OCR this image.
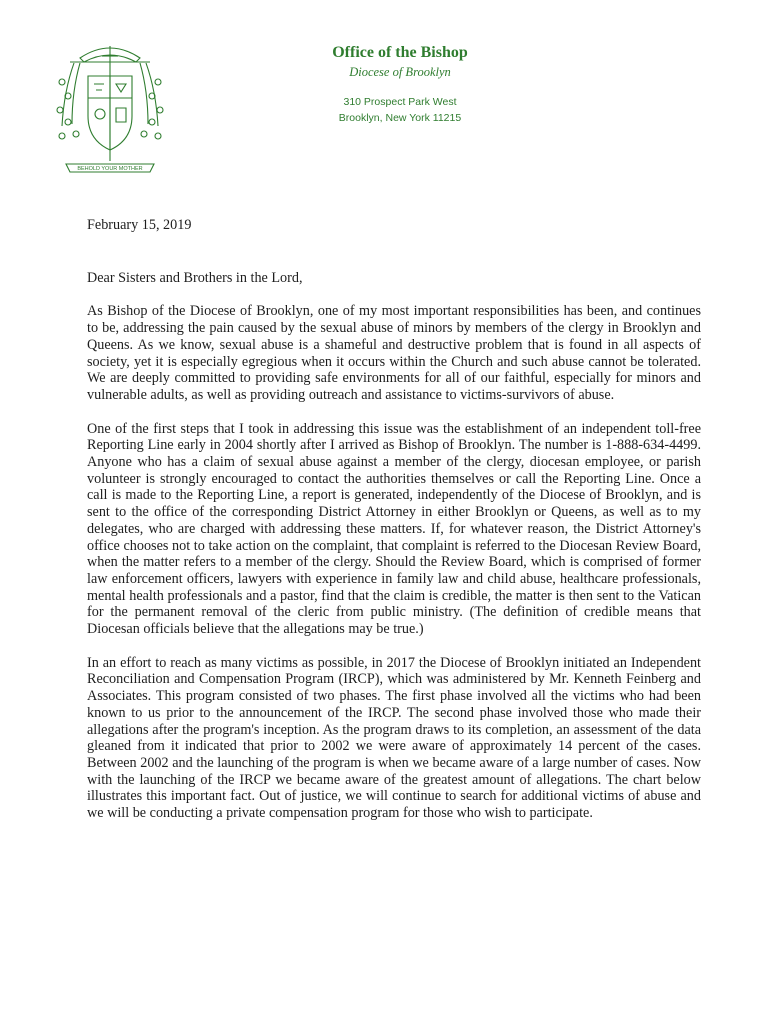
BEHOLD YOUR MOTHER
Office of the Bishop
Diocese of Brooklyn
310 Prospect Park West
Brooklyn, New York 11215

February 15, 2019

Dear Sisters and Brothers in the Lord,

As Bishop of the Diocese of Brooklyn, one of my most important responsibilities has been, and continues to be, addressing the pain caused by the sexual abuse of minors by members of the clergy in Brooklyn and Queens. As we know, sexual abuse is a shameful and destructive problem that is found in all aspects of society, yet it is especially egregious when it occurs within the Church and such abuse cannot be tolerated. We are deeply committed to providing safe environments for all of our faithful, especially for minors and vulnerable adults, as well as providing outreach and assistance to victims-survivors of abuse.

One of the first steps that I took in addressing this issue was the establishment of an independent toll-free Reporting Line early in 2004 shortly after I arrived as Bishop of Brooklyn. The number is 1-888-634-4499. Anyone who has a claim of sexual abuse against a member of the clergy, diocesan employee, or parish volunteer is strongly encouraged to contact the authorities themselves or call the Reporting Line. Once a call is made to the Reporting Line, a report is generated, independently of the Diocese of Brooklyn, and is sent to the office of the corresponding District Attorney in either Brooklyn or Queens, as well as to my delegates, who are charged with addressing these matters. If, for whatever reason, the District Attorney's office chooses not to take action on the complaint, that complaint is referred to the Diocesan Review Board, when the matter refers to a member of the clergy. Should the Review Board, which is comprised of former law enforcement officers, lawyers with experience in family law and child abuse, healthcare professionals, mental health professionals and a pastor, find that the claim is credible, the matter is then sent to the Vatican for the permanent removal of the cleric from public ministry. (The definition of credible means that Diocesan officials believe that the allegations may be true.)

In an effort to reach as many victims as possible, in 2017 the Diocese of Brooklyn initiated an Independent Reconciliation and Compensation Program (IRCP), which was administered by Mr. Kenneth Feinberg and Associates. This program consisted of two phases. The first phase involved all the victims who had been known to us prior to the announcement of the IRCP. The second phase involved those who made their allegations after the program's inception. As the program draws to its completion, an assessment of the data gleaned from it indicated that prior to 2002 we were aware of approximately 14 percent of the cases. Between 2002 and the launching of the program is when we became aware of a large number of cases. Now with the launching of the IRCP we became aware of the greatest amount of allegations. The chart below illustrates this important fact. Out of justice, we will continue to search for additional victims of abuse and we will be conducting a private compensation program for those who wish to participate.
